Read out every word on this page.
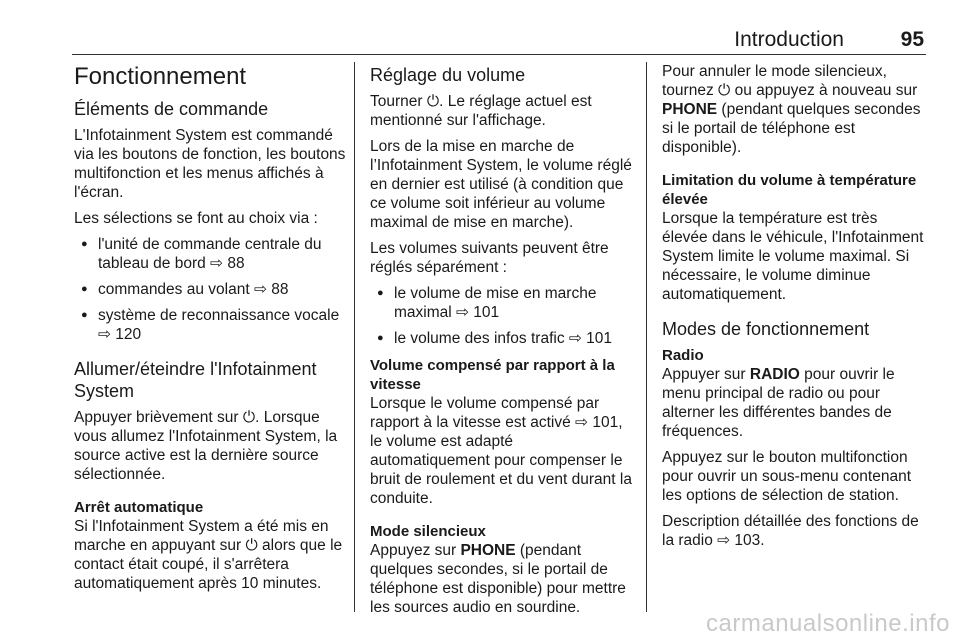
Introduction	95
Fonctionnement
Éléments de commande

L'Infotainment System est commandé via les boutons de fonction, les boutons multifonction et les menus affichés à l'écran.

Les sélections se font au choix via :

● l'unité de commande centrale du tableau de bord ⇨ 88
● commandes au volant ⇨ 88
● système de reconnaissance vocale ⇨ 120
Allumer/éteindre l'Infotainment System

Appuyer brièvement sur ⏻. Lorsque vous allumez l'Infotainment System, la source active est la dernière source sélectionnée.

Arrêt automatique

Si l'Infotainment System a été mis en marche en appuyant sur ⏻ alors que le contact était coupé, il s'arrêtera automatiquement après 10 minutes.

Réglage du volume

Tourner ⏻. Le réglage actuel est mentionné sur l'affichage.

Lors de la mise en marche de l’Infotainment System, le volume réglé en dernier est utilisé (à condition que ce volume soit inférieur au volume maximal de mise en marche).

Les volumes suivants peuvent être réglés séparément :

● le volume de mise en marche maximal ⇨ 101
● le volume des infos trafic ⇨ 101
Volume compensé par rapport à la vitesse

Lorsque le volume compensé par rapport à la vitesse est activé ⇨ 101, le volume est adapté automatiquement pour compenser le bruit de roulement et du vent durant la conduite.

Mode silencieux

Appuyez sur PHONE (pendant quelques secondes, si le portail de téléphone est disponible) pour mettre les sources audio en sourdine.

Pour annuler le mode silencieux, tournez ⏻ ou appuyez à nouveau sur PHONE (pendant quelques secondes si le portail de téléphone est disponible).

Limitation du volume à température élevée

Lorsque la température est très élevée dans le véhicule, l'Infotainment System limite le volume maximal. Si nécessaire, le volume diminue automatiquement.

Modes de fonctionnement
Radio

Appuyer sur RADIO pour ouvrir le menu principal de radio ou pour alterner les différentes bandes de fréquences.

Appuyez sur le bouton multifonction pour ouvrir un sous-menu contenant les options de sélection de station.

Description détaillée des fonctions de la radio ⇨ 103.

carmanualsonline.info
